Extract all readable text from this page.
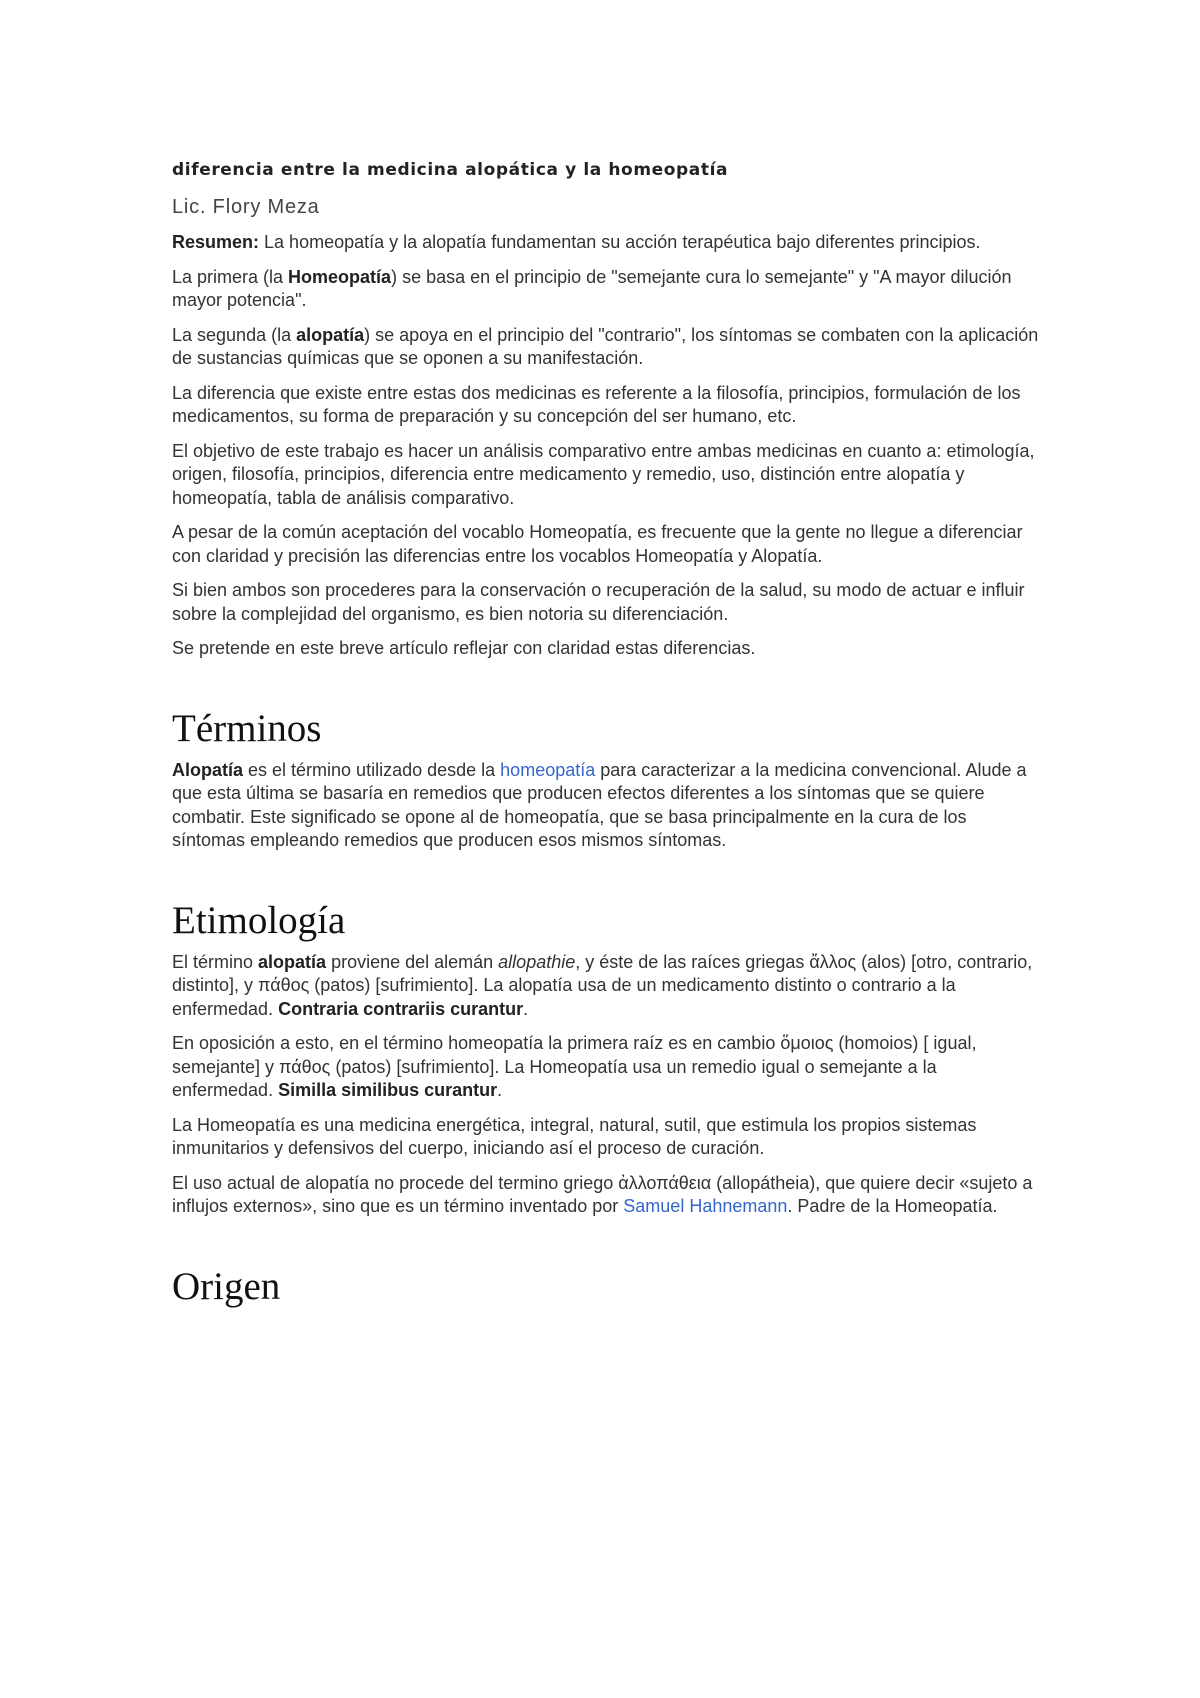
diferencia entre la medicina alopática y la homeopatía
Lic. Flory Meza

Resumen: La homeopatía y la alopatía fundamentan su acción terapéutica bajo diferentes principios.

La primera (la Homeopatía) se basa en el principio de "semejante cura lo semejante" y "A mayor dilución mayor potencia".

La segunda (la alopatía) se apoya en el principio del "contrario", los síntomas se combaten con la aplicación de sustancias químicas que se oponen a su manifestación.

La diferencia que existe entre estas dos medicinas es referente a la filosofía, principios, formulación de los medicamentos, su forma de preparación y su concepción del ser humano, etc.

El objetivo de este trabajo es hacer un análisis comparativo entre ambas medicinas en cuanto a: etimología, origen, filosofía, principios, diferencia entre medicamento y remedio, uso, distinción entre alopatía y homeopatía, tabla de análisis comparativo.

A pesar de la común aceptación del vocablo Homeopatía, es frecuente que la gente no llegue a diferenciar con claridad y precisión las diferencias entre los vocablos Homeopatía y Alopatía.

Si bien ambos son procederes para la conservación o recuperación de la salud, su modo de actuar e influir sobre la complejidad del organismo, es bien notoria su diferenciación.

Se pretende en este breve artículo reflejar con claridad estas diferencias.

Términos

Alopatía es el término utilizado desde la homeopatía para caracterizar a la medicina convencional. Alude a que esta última se basaría en remedios que producen efectos diferentes a los síntomas que se quiere combatir. Este significado se opone al de homeopatía, que se basa principalmente en la cura de los síntomas empleando remedios que producen esos mismos síntomas.

Etimología

El término alopatía proviene del alemán allopathie, y éste de las raíces griegas ἄλλος (alos) [otro, contrario, distinto], y πάθος (patos) [sufrimiento]. La alopatía usa de un medicamento distinto o contrario a la enfermedad. Contraria contrariis curantur.

En oposición a esto, en el término homeopatía la primera raíz es en cambio ὅμοιος (homoios) [ igual, semejante] y πάθος (patos) [sufrimiento]. La Homeopatía usa un remedio igual o semejante a la enfermedad. Similla similibus curantur.

La Homeopatía es una medicina energética, integral, natural, sutil, que estimula los propios sistemas inmunitarios y defensivos del cuerpo, iniciando así el proceso de curación.

El uso actual de alopatía no procede del termino griego ἀλλοπάθεια (allopátheia), que quiere decir «sujeto a influjos externos», sino que es un término inventado por Samuel Hahnemann. Padre de la Homeopatía.

Origen
